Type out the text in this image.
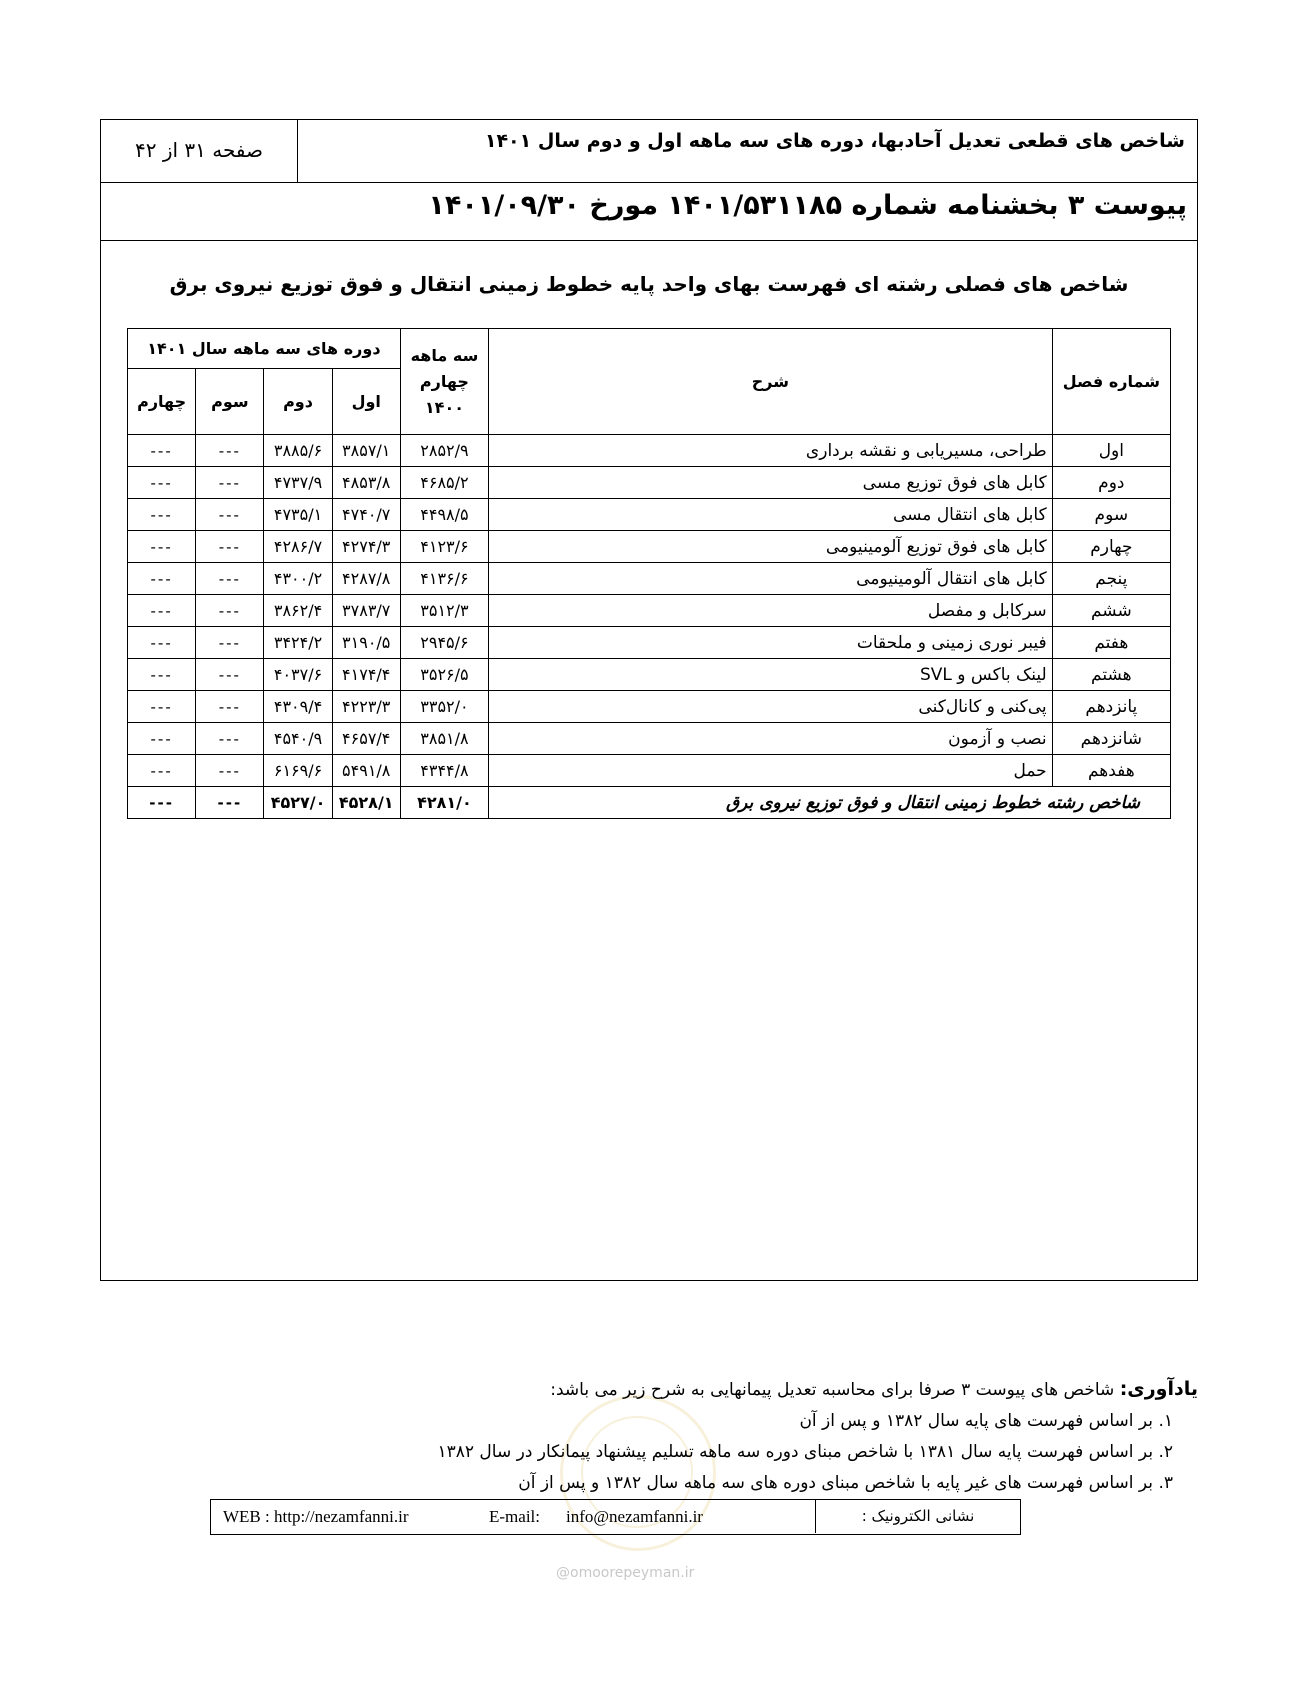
شاخص های قطعی تعدیل آحادبها، دوره های سه ماهه اول و دوم سال ۱۴۰۱
صفحه ۳۱ از ۴۲
پیوست ۳ بخشنامه شماره ۱۴۰۱/۵۳۱۱۸۵ مورخ ۱۴۰۱/۰۹/۳۰
شاخص های فصلی رشته ای فهرست بهای واحد پایه خطوط زمینی انتقال و فوق توزیع نیروی برق
شماره فصل	شرح	سه ماهه چهارم ۱۴۰۰	دوره های سه ماهه سال ۱۴۰۱			
			اول	دوم	سوم	چهارم
اول	طراحی، مسیریابی و نقشه برداری	۲۸۵۲/۹	۳۸۵۷/۱	۳۸۸۵/۶	---	---
دوم	کابل های فوق توزیع مسی	۴۶۸۵/۲	۴۸۵۳/۸	۴۷۳۷/۹	---	---
سوم	کابل های انتقال مسی	۴۴۹۸/۵	۴۷۴۰/۷	۴۷۳۵/۱	---	---
چهارم	کابل های فوق توزیع آلومینیومی	۴۱۲۳/۶	۴۲۷۴/۳	۴۲۸۶/۷	---	---
پنجم	کابل های انتقال آلومینیومی	۴۱۳۶/۶	۴۲۸۷/۸	۴۳۰۰/۲	---	---
ششم	سرکابل و مفصل	۳۵۱۲/۳	۳۷۸۳/۷	۳۸۶۲/۴	---	---
هفتم	فیبر نوری زمینی و ملحقات	۲۹۴۵/۶	۳۱۹۰/۵	۳۴۲۴/۲	---	---
هشتم	لینک باکس و SVL	۳۵۲۶/۵	۴۱۷۴/۴	۴۰۳۷/۶	---	---
پانزدهم	پی‌کنی و کانال‌کنی	۳۳۵۲/۰	۴۲۲۳/۳	۴۳۰۹/۴	---	---
شانزدهم	نصب و آزمون	۳۸۵۱/۸	۴۶۵۷/۴	۴۵۴۰/۹	---	---
هفدهم	حمل	۴۳۴۴/۸	۵۴۹۱/۸	۶۱۶۹/۶	---	---
شاخص رشته خطوط زمینی انتقال و فوق توزیع نیروی برق		۴۲۸۱/۰	۴۵۲۸/۱	۴۵۲۷/۰	---	---
یادآوری: شاخص های پیوست ۳ صرفا برای محاسبه تعدیل پیمانهایی به شرح زیر می باشد:
۱. بر اساس فهرست های پایه سال ۱۳۸۲ و پس از آن
۲. بر اساس فهرست پایه سال ۱۳۸۱ با شاخص مبنای دوره سه ماهه تسلیم پیشنهاد پیمانکار در سال ۱۳۸۲
۳. بر اساس فهرست های غیر پایه با شاخص مبنای دوره های سه ماهه سال ۱۳۸۲ و پس از آن
نشانی الکترونیک :
WEB : http://nezamfanni.ir	E-mail: info@nezamfanni.ir
@omoorepeyman.ir
